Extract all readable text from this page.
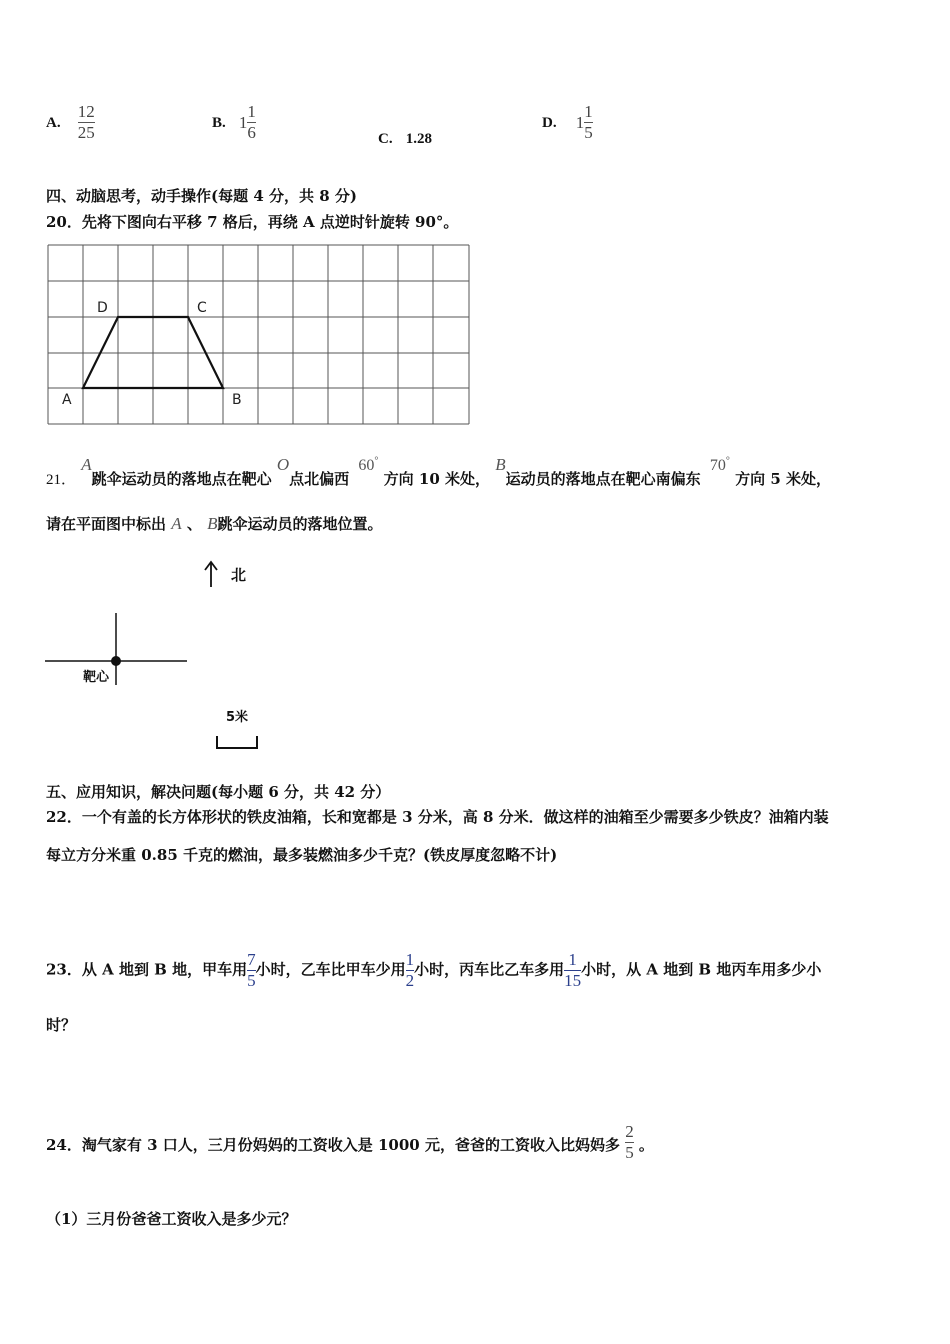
A. $\frac{12}{25}$	B. $1 \frac{1}{6}$	C. 1.28
D. $1 \frac{1}{5}$
四、动脑思考，动手操作(每题 4 分，共 8 分)
20．先将下图向右平移 7 格后，再绕 A 点逆时针旋转 90°。
D	C
A	B
21． A跳伞运动员的落地点在靶心 O点北偏西 60° 方向 10 米处， B运动员的落地点在靶心南偏东 70° 方向 5 米处，
请在平面图中标出 A 、 B跳伞运动员的落地位置。
北
靶心
5米
五、应用知识，解决问题(每小题 6 分，共 42 分）
22．一个有盖的长方体形状的铁皮油箱，长和宽都是 3 分米，高 8 分米．做这样的油箱至少需要多少铁皮？油箱内装
每立方分米重 0.85 千克的燃油，最多装燃油多少千克？(铁皮厚度忽略不计)
23．从 A 地到 B 地，甲车用 $\frac{7}{5}$ 小时，乙车比甲车少用 $\frac{1}{2}$ 小时，丙车比乙车多用 $\frac{1}{15}$ 小时，从 A 地到 B 地丙车用多少小
时？
24．淘气家有 3 口人，三月份妈妈的工资收入是 1000 元，爸爸的工资收入比妈妈多 $\frac{2}{5}$ 。
（1）三月份爸爸工资收入是多少元？
